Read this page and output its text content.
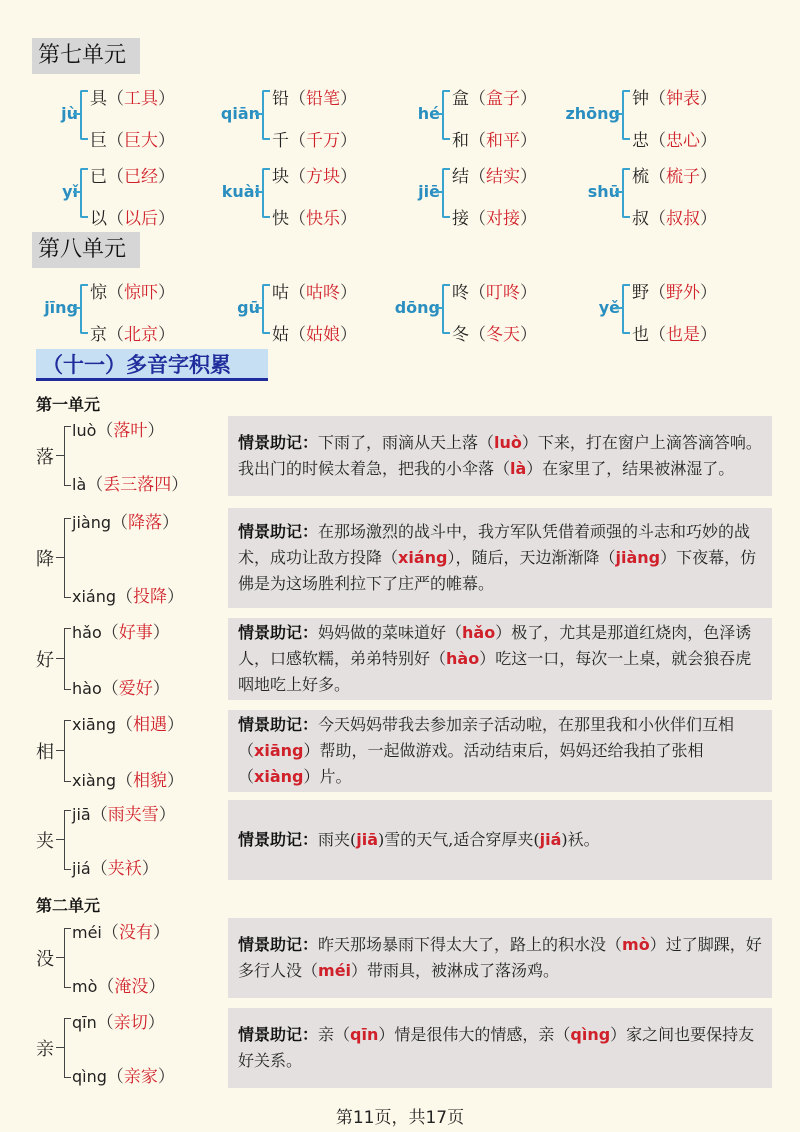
第七单元
jù
具（工具）
巨（巨大）
qiān
铅（铅笔）
千（千万）
hé
盒（盒子）
和（和平）
zhōng
钟（钟表）
忠（忠心）
yǐ
已（已经）
以（以后）
kuài
块（方块）
快（快乐）
jiē
结（结实）
接（对接）
shū
梳（梳子）
叔（叔叔）
第八单元
jīng
惊（惊吓）
京（北京）
gū
咕（咕咚）
姑（姑娘）
dōng
咚（叮咚）
冬（冬天）
yě
野（野外）
也（也是）
（十一）多音字积累
第一单元
第二单元
落
luò（落叶）
là（丢三落四）
情景助记：下雨了，雨滴从天上落（luò）下来，打在窗户上滴答滴答响。我出门的时候太着急，把我的小伞落（là）在家里了，结果被淋湿了。
降
jiàng（降落）
xiáng（投降）
情景助记：在那场激烈的战斗中，我方军队凭借着顽强的斗志和巧妙的战术，成功让敌方投降（xiáng），随后，天边渐渐降（jiàng）下夜幕，仿佛是为这场胜利拉下了庄严的帷幕。
好
hǎo（好事）
hào（爱好）
情景助记：妈妈做的菜味道好（hǎo）极了，尤其是那道红烧肉，色泽诱人，口感软糯，弟弟特别好（hào）吃这一口，每次一上桌，就会狼吞虎咽地吃上好多。
相
xiāng（相遇）
xiàng（相貌）
情景助记：今天妈妈带我去参加亲子活动啦，在那里我和小伙伴们互相（xiāng）帮助，一起做游戏。活动结束后，妈妈还给我拍了张相（xiàng）片。
夹
jiā（雨夹雪）
jiá（夹袄）
情景助记：雨夹(jiā)雪的天气,适合穿厚夹(jiá)袄。
没
méi（没有）
mò（淹没）
情景助记：昨天那场暴雨下得太大了，路上的积水没（mò）过了脚踝，好多行人没（méi）带雨具，被淋成了落汤鸡。
亲
qīn（亲切）
qìng（亲家）
情景助记：亲（qīn）情是很伟大的情感，亲（qìng）家之间也要保持友好关系。
第11页，共17页
